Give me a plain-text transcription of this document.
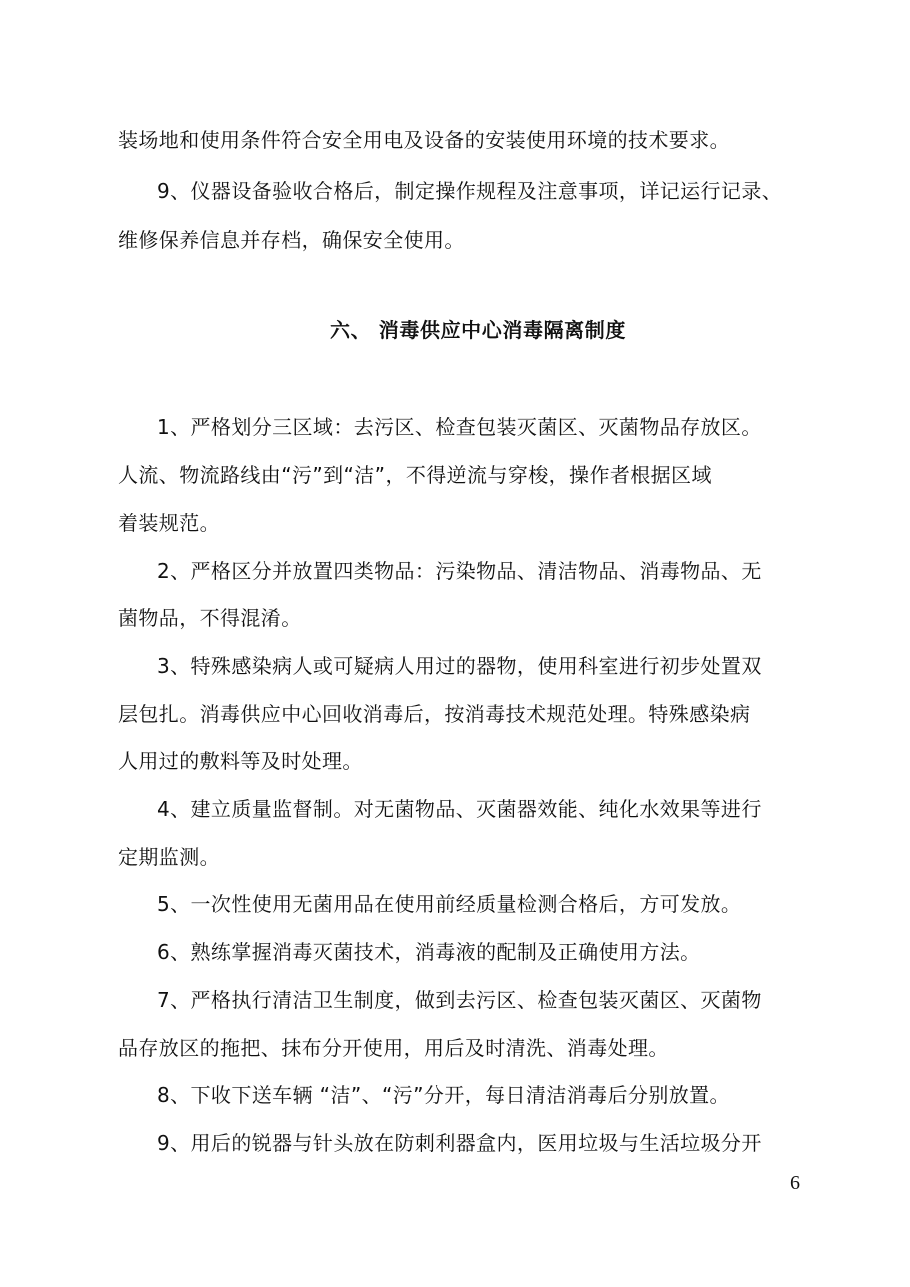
装场地和使用条件符合安全用电及设备的安装使用环境的技术要求。
9、仪器设备验收合格后，制定操作规程及注意事项，详记运行记录、
维修保养信息并存档，确保安全使用。
六、 消毒供应中心消毒隔离制度
1、严格划分三区域：去污区、检查包装灭菌区、灭菌物品存放区。
人流、物流路线由“污”到“洁”，不得逆流与穿梭，操作者根据区域
着装规范。
2、严格区分并放置四类物品：污染物品、清洁物品、消毒物品、无
菌物品，不得混淆。
3、特殊感染病人或可疑病人用过的器物，使用科室进行初步处置双
层包扎。消毒供应中心回收消毒后，按消毒技术规范处理。特殊感染病
人用过的敷料等及时处理。
4、建立质量监督制。对无菌物品、灭菌器效能、纯化水效果等进行
定期监测。
5、一次性使用无菌用品在使用前经质量检测合格后，方可发放。
6、熟练掌握消毒灭菌技术，消毒液的配制及正确使用方法。
7、严格执行清洁卫生制度，做到去污区、检查包装灭菌区、灭菌物
品存放区的拖把、抹布分开使用，用后及时清洗、消毒处理。
8、下收下送车辆 “洁”、“污”分开，每日清洁消毒后分别放置。
9、用后的锐器与针头放在防刺利器盒内，医用垃圾与生活垃圾分开
6
